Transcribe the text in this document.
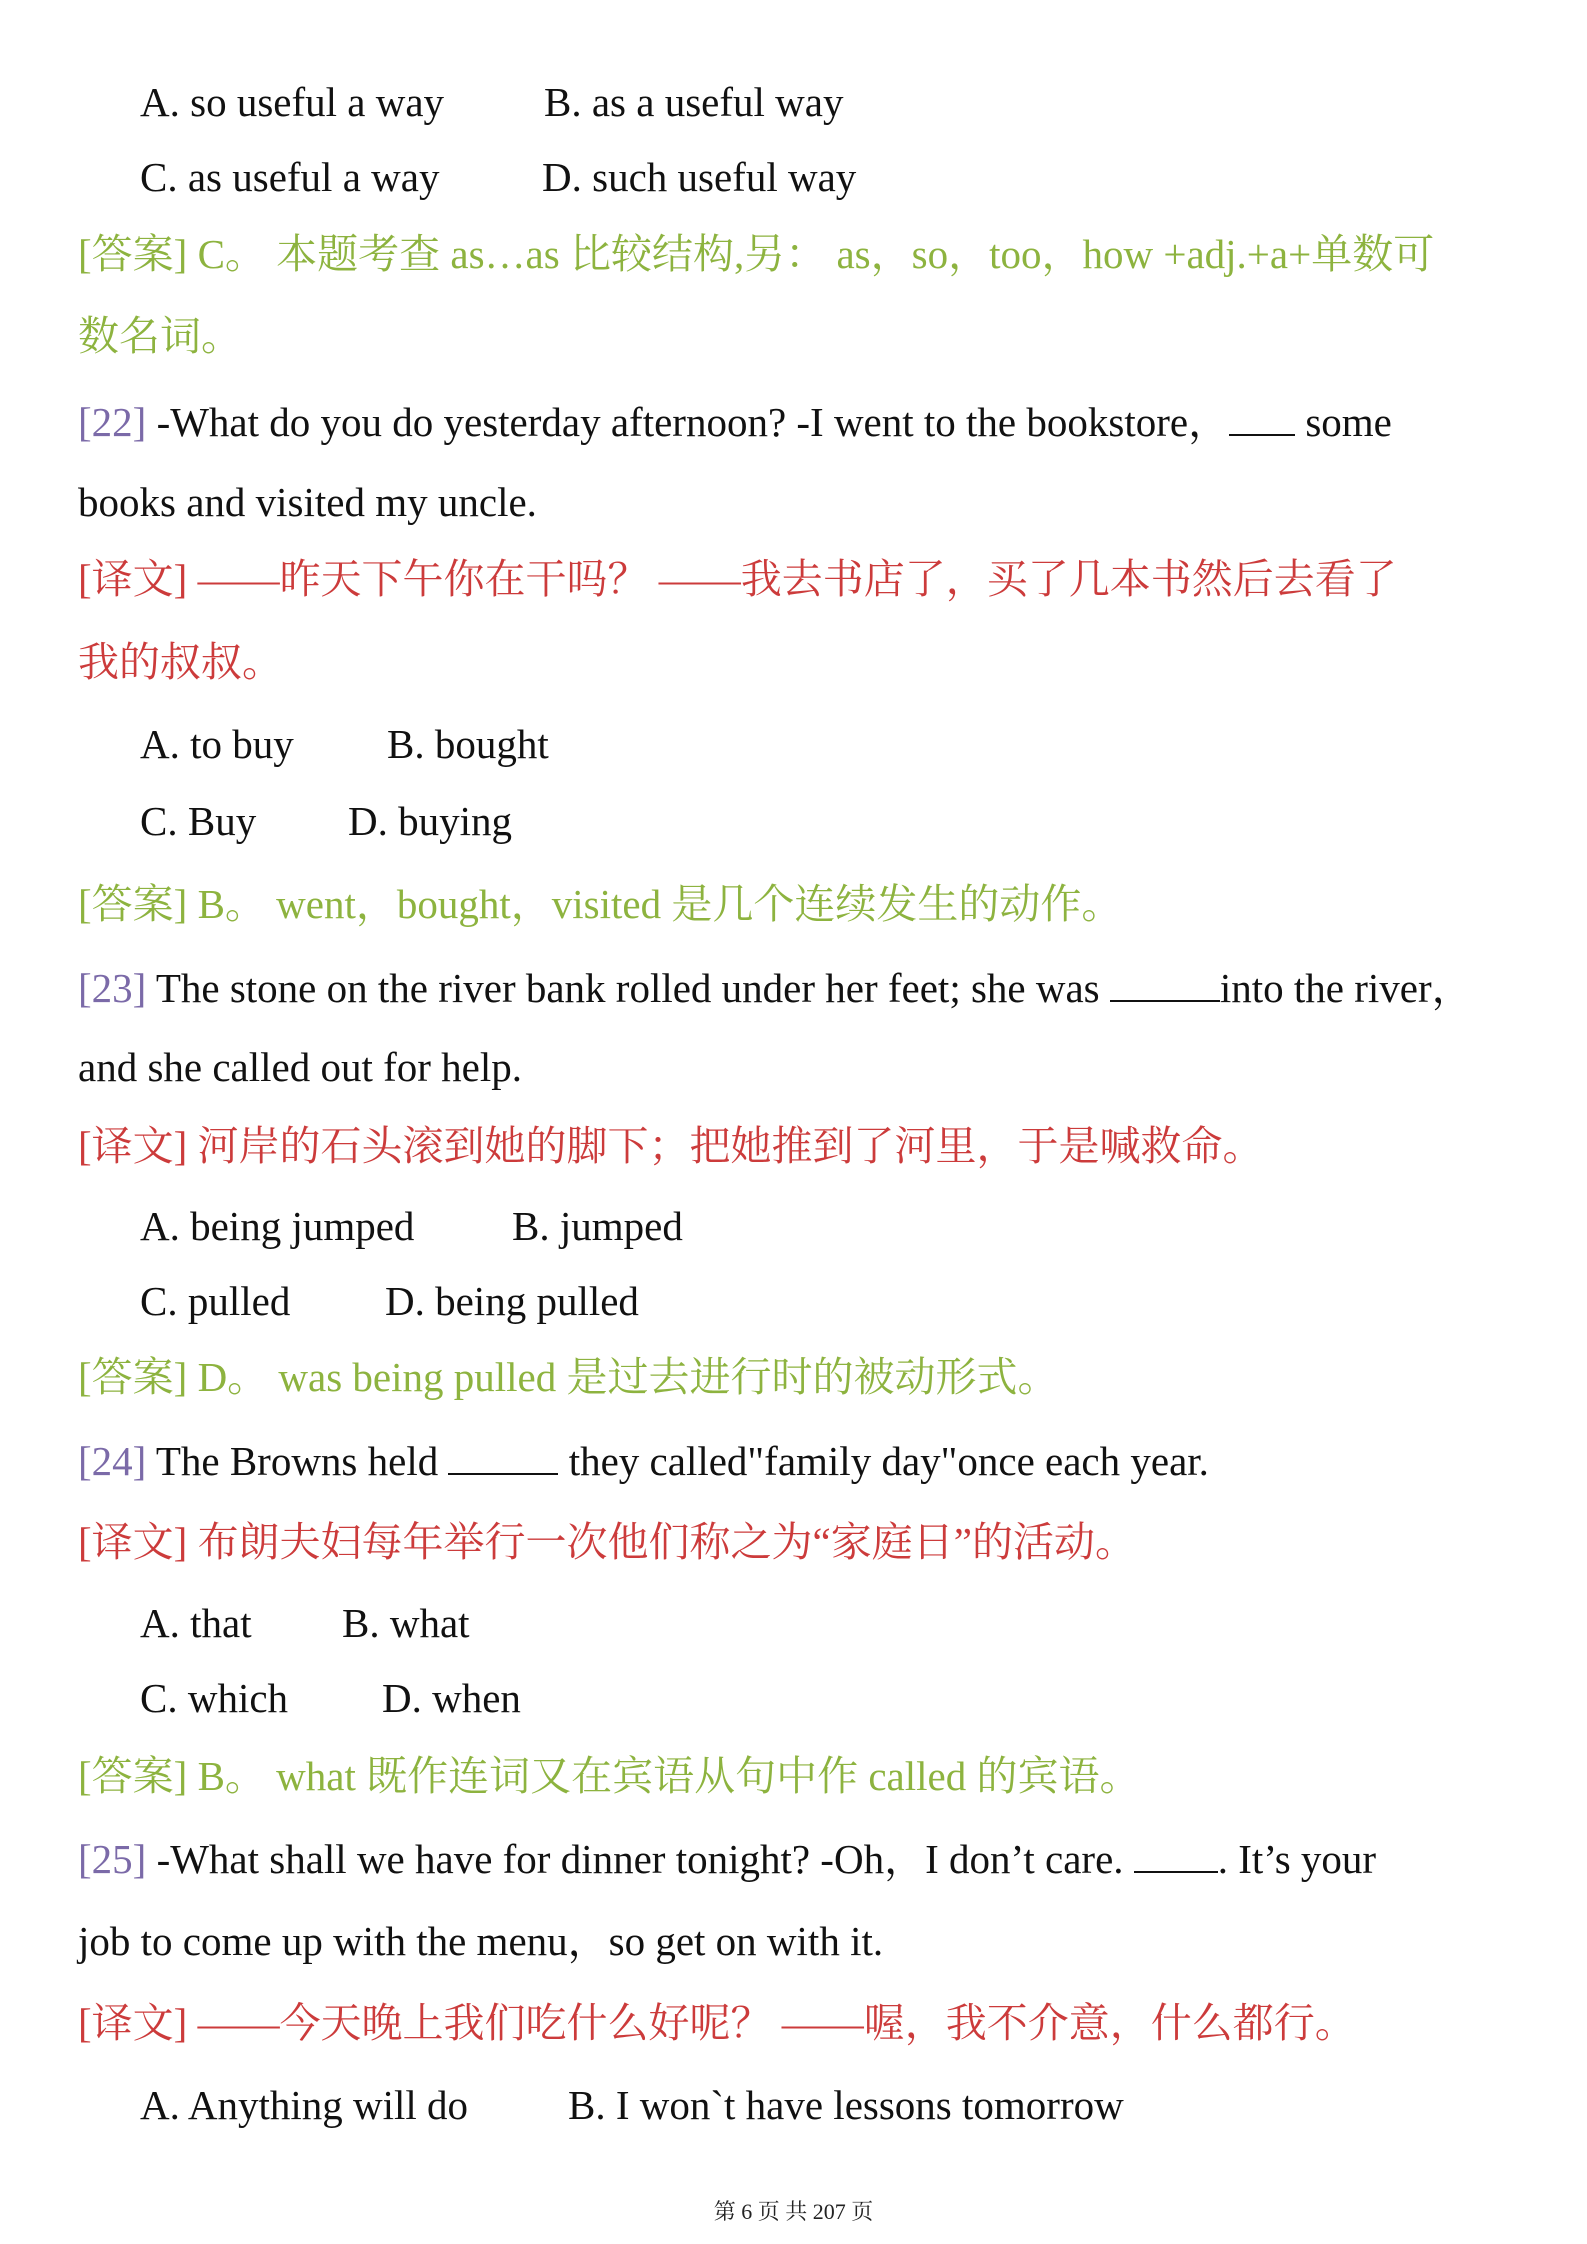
A. so useful a way B. as a useful way
C. as useful a way	D. such useful way
[答案] C。 本题考查 as…as 比较结构,另： as，so，too，how +adj.+a+单数可
数名词。
[22] -What do you do yesterday afternoon? -I went to the bookstore， some
books and visited my uncle.
[译文] ——昨天下午你在干吗？ ——我去书店了，买了几本书然后去看了
我的叔叔。
A. to buy B. bought
C. Buy D. buying
[答案] B。 went，bought，visited 是几个连续发生的动作。
[23] The stone on the river bank rolled under her feet; she was	into the river，
and she called out for help.
[译文] 河岸的石头滚到她的脚下；把她推到了河里，于是喊救命。
A. being jumped B. jumped
C. pulled D. being pulled
[答案] D。 was being pulled 是过去进行时的被动形式。
[24] The Browns held	they called"family day"once each year.
[译文] 布朗夫妇每年举行一次他们称之为“家庭日”的活动。
A. that B. what
C. which D. when
[答案] B。 what 既作连词又在宾语从句中作 called 的宾语。
[25] -What shall we have for dinner tonight? -Oh，I don’t care. . It’s your
job to come up with the menu，so get on with it.
[译文] ——今天晚上我们吃什么好呢？ ——喔，我不介意，什么都行。
A. Anything will do B. I won`t have lessons tomorrow
第 6 页 共 207 页
